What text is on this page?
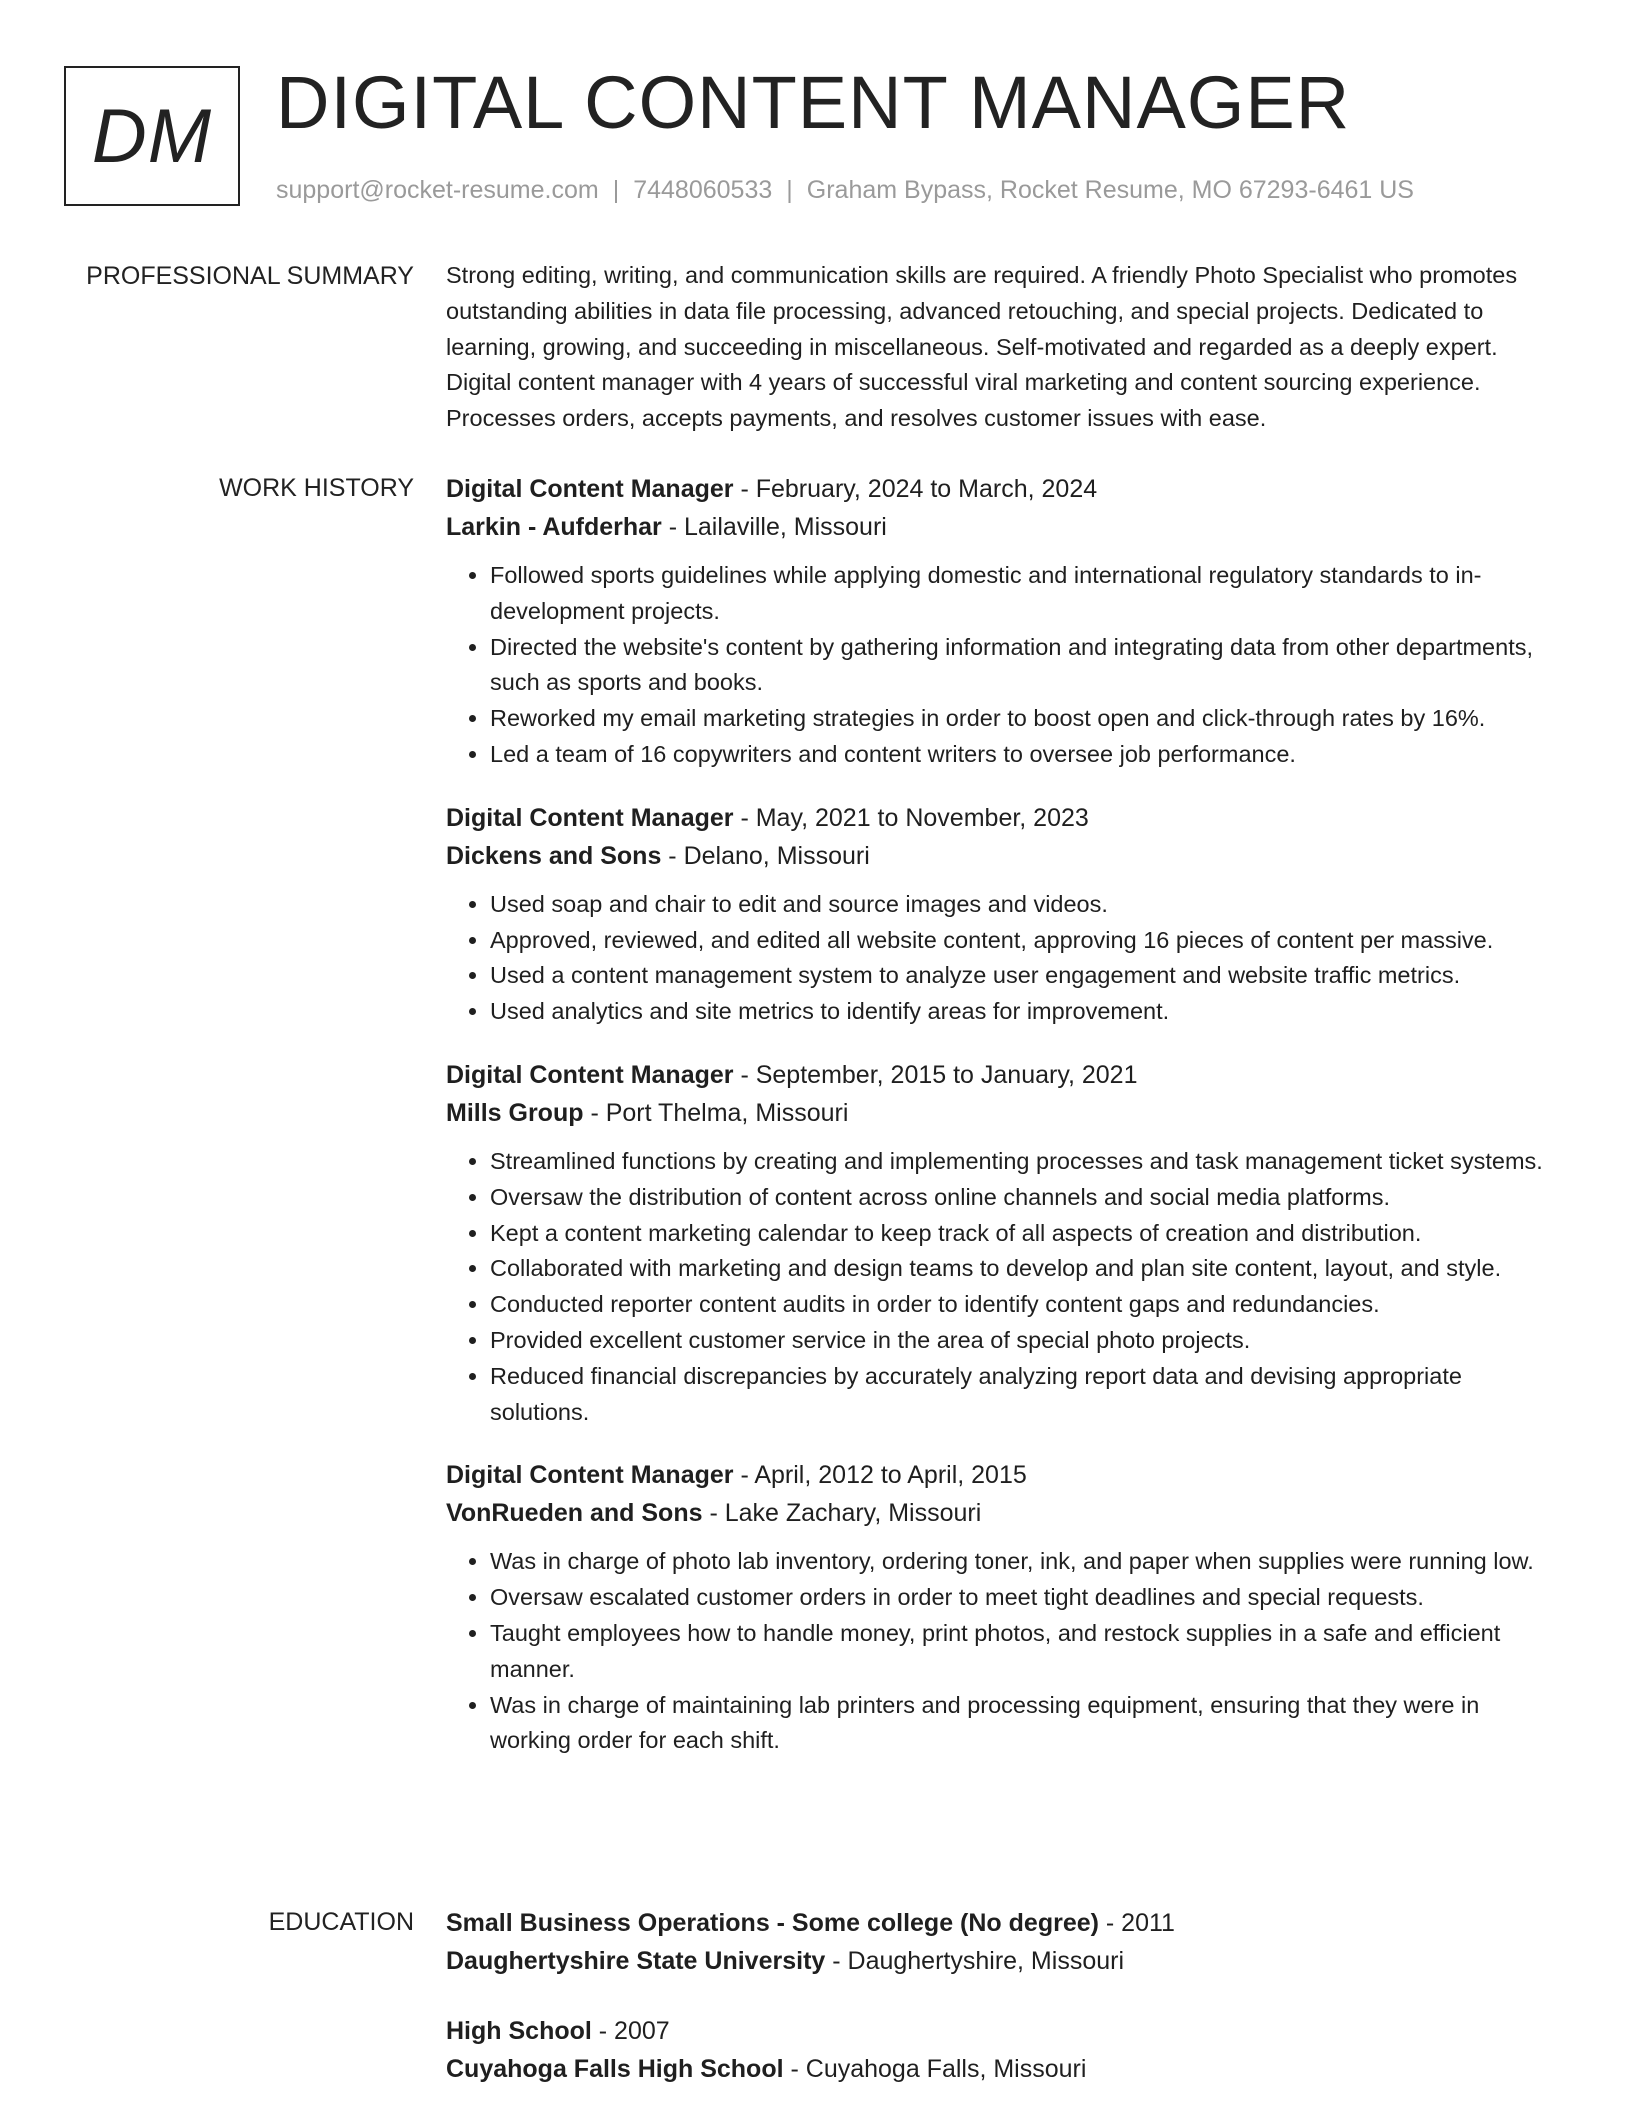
DM DIGITAL CONTENT MANAGER
support@rocket-resume.com | 7448060533 | Graham Bypass, Rocket Resume, MO 67293-6461 US
PROFESSIONAL SUMMARY Strong editing, writing, and communication skills are required. A friendly Photo Specialist who promotes outstanding abilities in data file processing, advanced retouching, and special projects. Dedicated to learning, growing, and succeeding in miscellaneous. Self-motivated and regarded as a deeply expert. Digital content manager with 4 years of successful viral marketing and content sourcing experience. Processes orders, accepts payments, and resolves customer issues with ease.
WORK HISTORY Digital Content Manager - February, 2024 to March, 2024
Larkin - Aufderhar - Lailaville, Missouri
• Followed sports guidelines while applying domestic and international regulatory standards to in-development projects.
• Directed the website's content by gathering information and integrating data from other departments, such as sports and books.
• Reworked my email marketing strategies in order to boost open and click-through rates by 16%.
• Led a team of 16 copywriters and content writers to oversee job performance.
Digital Content Manager - May, 2021 to November, 2023
Dickens and Sons - Delano, Missouri
• Used soap and chair to edit and source images and videos.
• Approved, reviewed, and edited all website content, approving 16 pieces of content per massive.
• Used a content management system to analyze user engagement and website traffic metrics.
• Used analytics and site metrics to identify areas for improvement.
Digital Content Manager - September, 2015 to January, 2021
Mills Group - Port Thelma, Missouri
• Streamlined functions by creating and implementing processes and task management ticket systems.
• Oversaw the distribution of content across online channels and social media platforms.
• Kept a content marketing calendar to keep track of all aspects of creation and distribution.
• Collaborated with marketing and design teams to develop and plan site content, layout, and style.
• Conducted reporter content audits in order to identify content gaps and redundancies.
• Provided excellent customer service in the area of special photo projects.
• Reduced financial discrepancies by accurately analyzing report data and devising appropriate solutions.
Digital Content Manager - April, 2012 to April, 2015
VonRueden and Sons - Lake Zachary, Missouri
• Was in charge of photo lab inventory, ordering toner, ink, and paper when supplies were running low.
• Oversaw escalated customer orders in order to meet tight deadlines and special requests.
• Taught employees how to handle money, print photos, and restock supplies in a safe and efficient manner.
• Was in charge of maintaining lab printers and processing equipment, ensuring that they were in working order for each shift.
EDUCATION Small Business Operations - Some college (No degree) - 2011
Daughertyshire State University - Daughertyshire, Missouri
High School - 2007
Cuyahoga Falls High School - Cuyahoga Falls, Missouri
